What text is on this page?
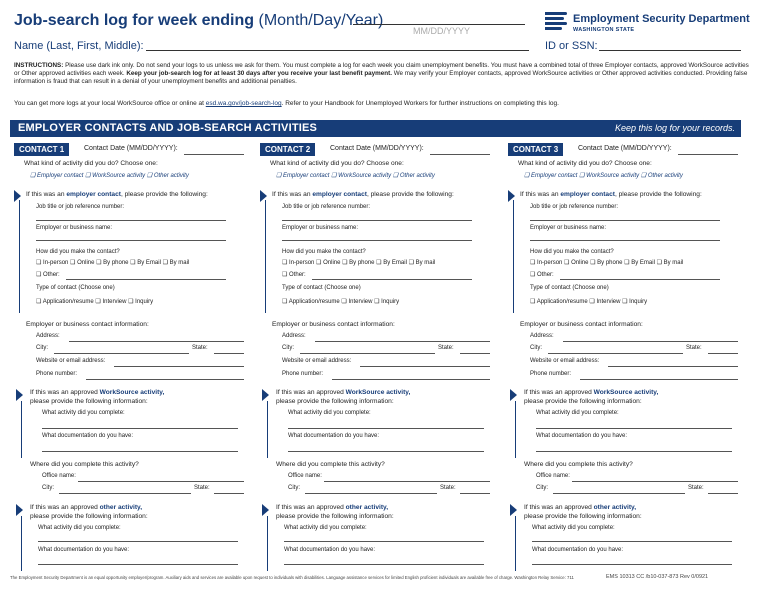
Job-search log for week ending (Month/Day/Year)
MM/DD/YYYY
Employment Security Department
WASHINGTON STATE
Name (Last, First, Middle):	ID or SSN:
INSTRUCTIONS: Please use dark ink only. Do not send your logs to us unless we ask for them. You must complete a log for each week you claim unemployment benefits. You must have a combined total of three Employer contacts, approved WorkSource activities or Other approved activities each week. Keep your job-search log for at least 30 days after you receive your last benefit payment. We may verify your Employer contacts, approved WorkSource activities or Other approved activities conducted. Providing false information is fraud that can result in a denial of your unemployment benefits and additional penalties.
You can get more logs at your local WorkSource office or online at esd.wa.gov/job-search-log. Refer to your Handbook for Unemployed Workers for further instructions on completing this log.
EMPLOYER CONTACTS AND JOB-SEARCH ACTIVITIES	Keep this log for your records.
CONTACT 1	Contact Date (MM/DD/YYYY):
What kind of activity did you do? Choose one:
❑ Employer contact ❑ WorkSource activity ❑ Other activity
If this was an employer contact, please provide the following:
Job title or job reference number:
Employer or business name:
How did you make the contact?
❑ In-person ❑ Online ❑ By phone ❑ By Email ❑ By mail
❑ Other:
Type of contact (Choose one)
❑ Application/resume ❑ Interview ❑ Inquiry
Employer or business contact information:
Address:
City:	State:
Website or email address:
Phone number:
If this was an approved WorkSource activity,
please provide the following information:
What activity did you complete:
What documentation do you have:
Where did you complete this activity?
Office name:
City:	State:
If this was an approved other activity,
please provide the following information:
What activity did you complete:
What documentation do you have:
CONTACT 2	Contact Date (MM/DD/YYYY):
What kind of activity did you do? Choose one:
❑ Employer contact ❑ WorkSource activity ❑ Other activity
If this was an employer contact, please provide the following:
Job title or job reference number:
Employer or business name:
How did you make the contact?
❑ In-person ❑ Online ❑ By phone ❑ By Email ❑ By mail
❑ Other:
Type of contact (Choose one)
❑ Application/resume ❑ Interview ❑ Inquiry
Employer or business contact information:
Address:
City:	State:
Website or email address:
Phone number:
If this was an approved WorkSource activity,
please provide the following information:
What activity did you complete:
What documentation do you have:
Where did you complete this activity?
Office name:
City:	State:
If this was an approved other activity,
please provide the following information:
What activity did you complete:
What documentation do you have:
CONTACT 3	Contact Date (MM/DD/YYYY):
What kind of activity did you do? Choose one:
❑ Employer contact ❑ WorkSource activity ❑ Other activity
If this was an employer contact, please provide the following:
Job title or job reference number:
Employer or business name:
How did you make the contact?
❑ In-person ❑ Online ❑ By phone ❑ By Email ❑ By mail
❑ Other:
Type of contact (Choose one)
❑ Application/resume ❑ Interview ❑ Inquiry
Employer or business contact information:
Address:
City:	State:
Website or email address:
Phone number:
If this was an approved WorkSource activity,
please provide the following information:
What activity did you complete:
What documentation do you have:
Where did you complete this activity?
Office name:
City:	State:
If this was an approved other activity,
please provide the following information:
What activity did you complete:
What documentation do you have:
The Employment Security Department is an equal opportunity employer/program. Auxiliary aids and services are available upon request to individuals with disabilities. Language assistance services for limited English proficient individuals are available free of charge. Washington Relay Service: 711	EMS 10313 CC /b10-037-873 Rev 0/0921
